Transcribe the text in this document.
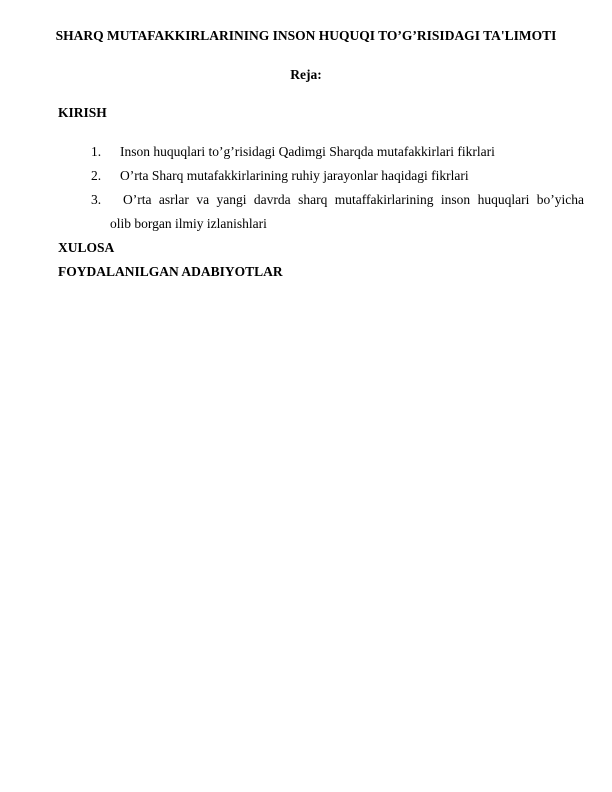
SHARQ MUTAFAKKIRLARINING INSON HUQUQI TO’G’RISIDAGI TA'LIMOTI
Reja:
KIRISH
1. Inson huquqlari to’g’risidagi Qadimgi Sharqda mutafakkirlari fikrlari
2. O’rta Sharq mutafakkirlarining ruhiy jarayonlar haqidagi fikrlari
3. O’rta asrlar va yangi davrda sharq mutaffakirlarining inson huquqlari bo’yicha
olib borgan ilmiy izlanishlari
XULOSA
FOYDALANILGAN ADABIYOTLAR
